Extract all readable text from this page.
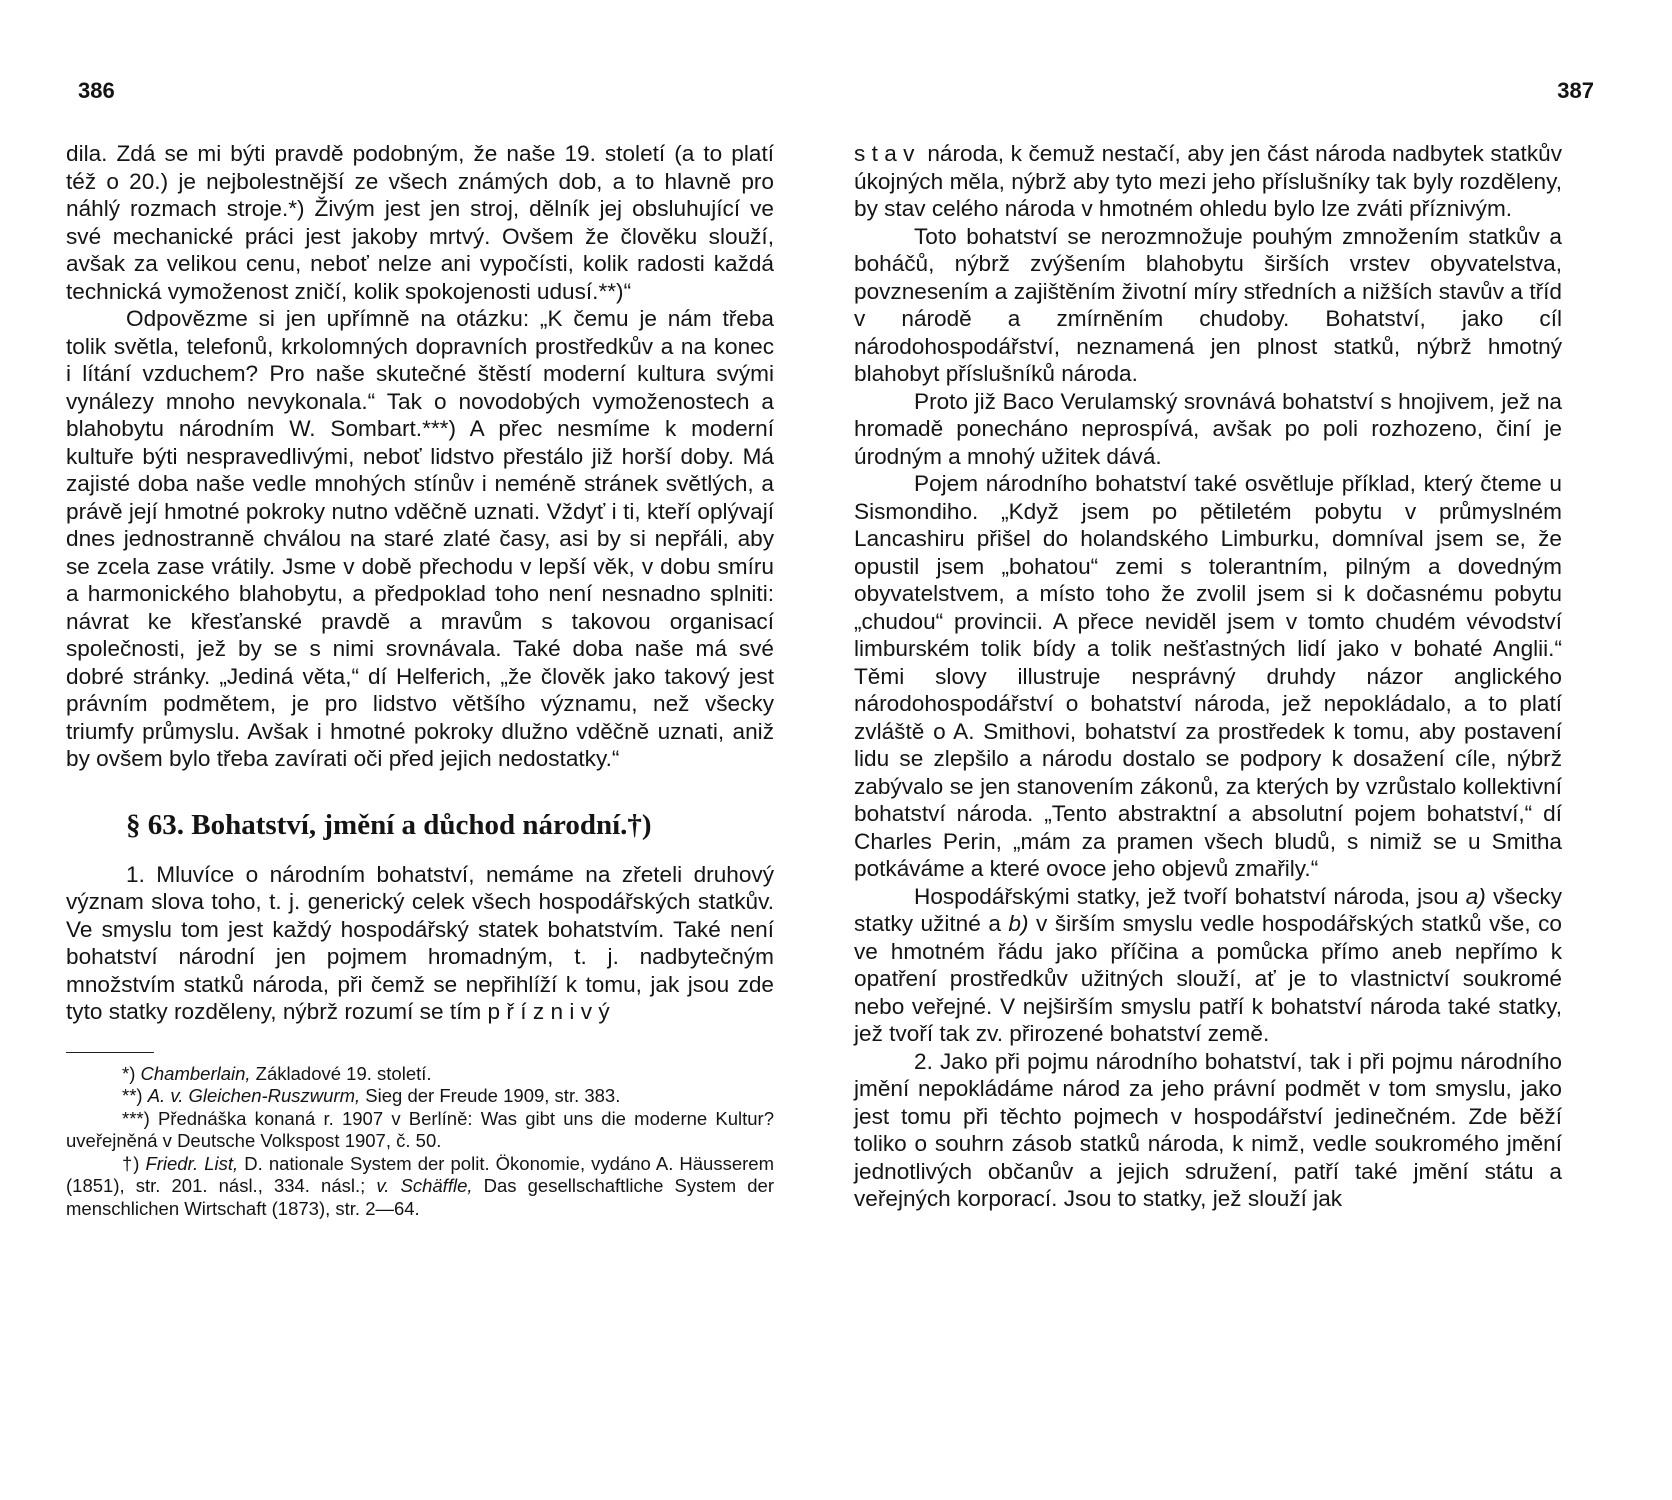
386

dila. Zdá se mi býti pravdě podobným, že naše 19. století (a to platí též o 20.) je nejbolestnější ze všech známých dob, a to hlavně pro náhlý rozmach stroje.*) Živým jest jen stroj, dělník jej obsluhující ve své mechanické práci jest jakoby mrtvý. Ovšem že člověku slouží, avšak za velikou cenu, neboť nelze ani vypočísti, kolik radosti každá technická vymoženost zničí, kolik spokojenosti udusí.**)“

Odpovězme si jen upřímně na otázku: „K čemu je nám třeba tolik světla, telefonů, krkolomných dopravních prostředkův a na konec i lítání vzduchem? Pro naše skutečné štěstí moderní kultura svými vynálezy mnoho nevykonala.“ Tak o novodobých vymoženostech a blahobytu národním W. Sombart.***) A přec nesmíme k moderní kultuře býti nespravedlivými, neboť lidstvo přestálo již horší doby. Má zajisté doba naše vedle mnohých stínův i neméně stránek světlých, a právě její hmotné pokroky nutno vděčně uznati. Vždyť i ti, kteří oplývají dnes jednostranně chválou na staré zlaté časy, asi by si nepřáli, aby se zcela zase vrátily. Jsme v době přechodu v lepší věk, v dobu smíru a harmonického blahobytu, a předpoklad toho není nesnadno splniti: návrat ke křesťanské pravdě a mravům s takovou organisací společnosti, jež by se s nimi srovnávala. Také doba naše má své dobré stránky. „Jediná věta,“ dí Helferich, „že člověk jako takový jest právním podmětem, je pro lidstvo většího významu, než všecky triumfy průmyslu. Avšak i hmotné pokroky dlužno vděčně uznati, aniž by ovšem bylo třeba zavírati oči před jejich nedostatky.“

§ 63. Bohatství, jmění a důchod národní.†)

1. Mluvíce o národním bohatství, nemáme na zřeteli druhový význam slova toho, t. j. generický celek všech hospodářských statkův. Ve smyslu tom jest každý hospodářský statek bohatstvím. Také není bohatství národní jen pojmem hromadným, t. j. nadbytečným množstvím statků národa, při čemž se nepřihlíží k tomu, jak jsou zde tyto statky rozděleny, nýbrž rozumí se tím příznivý

*) Chamberlain, Základové 19. století.

**) A. v. Gleichen-Ruszwurm, Sieg der Freude 1909, str. 383.

***) Přednáška konaná r. 1907 v Berlíně: Was gibt uns die moderne Kultur? uveřejněná v Deutsche Volkspost 1907, č. 50.

†) Friedr. List, D. nationale System der polit. Ökonomie, vydáno A. Häusserem (1851), str. 201. násl., 334. násl.; v. Schäffle, Das gesellschaftliche System der menschlichen Wirtschaft (1873), str. 2—64.

387

stav národa, k čemuž nestačí, aby jen část národa nadbytek statkův úkojných měla, nýbrž aby tyto mezi jeho příslušníky tak byly rozděleny, by stav celého národa v hmotném ohledu bylo lze zváti příznivým.

Toto bohatství se nerozmnožuje pouhým zmnožením statkův a boháčů, nýbrž zvýšením blahobytu širších vrstev obyvatelstva, povznesením a zajištěním životní míry středních a nižších stavův a tříd v národě a zmírněním chudoby. Bohatství, jako cíl národohospodářství, neznamená jen plnost statků, nýbrž hmotný blahobyt příslušníků národa.

Proto již Baco Verulamský srovnává bohatství s hnojivem, jež na hromadě ponecháno neprospívá, avšak po poli rozhozeno, činí je úrodným a mnohý užitek dává.

Pojem národního bohatství také osvětluje příklad, který čteme u Sismondiho. „Když jsem po pětiletém pobytu v průmyslném Lancashiru přišel do holandského Limburku, domníval jsem se, že opustil jsem „bohatou“ zemi s tolerantním, pilným a dovedným obyvatelstvem, a místo toho že zvolil jsem si k dočasnému pobytu „chudou“ provincii. A přece neviděl jsem v tomto chudém vévodství limburském tolik bídy a tolik nešťastných lidí jako v bohaté Anglii.“ Těmi slovy illustruje nesprávný druhdy názor anglického národohospodářství o bohatství národa, jež nepokládalo, a to platí zvláště o A. Smithovi, bohatství za prostředek k tomu, aby postavení lidu se zlepšilo a národu dostalo se podpory k dosažení cíle, nýbrž zabývalo se jen stanovením zákonů, za kterých by vzrůstalo kollektivní bohatství národa. „Tento abstraktní a absolutní pojem bohatství,“ dí Charles Perin, „mám za pramen všech bludů, s nimiž se u Smitha potkáváme a které ovoce jeho objevů zmařily.“

Hospodářskými statky, jež tvoří bohatství národa, jsou a) všecky statky užitné a b) v širším smyslu vedle hospodářských statků vše, co ve hmotném řádu jako příčina a pomůcka přímo aneb nepřímo k opatření prostředkův užitných slouží, ať je to vlastnictví soukromé nebo veřejné. V nejširším smyslu patří k bohatství národa také statky, jež tvoří tak zv. přirozené bohatství země.

2. Jako při pojmu národního bohatství, tak i při pojmu národního jmění nepokládáme národ za jeho právní podmět v tom smyslu, jako jest tomu při těchto pojmech v hospodářství jedinečném. Zde běží toliko o souhrn zásob statků národa, k nimž, vedle soukromého jmění jednotlivých občanův a jejich sdružení, patří také jmění státu a veřejných korporací. Jsou to statky, jež slouží jak
